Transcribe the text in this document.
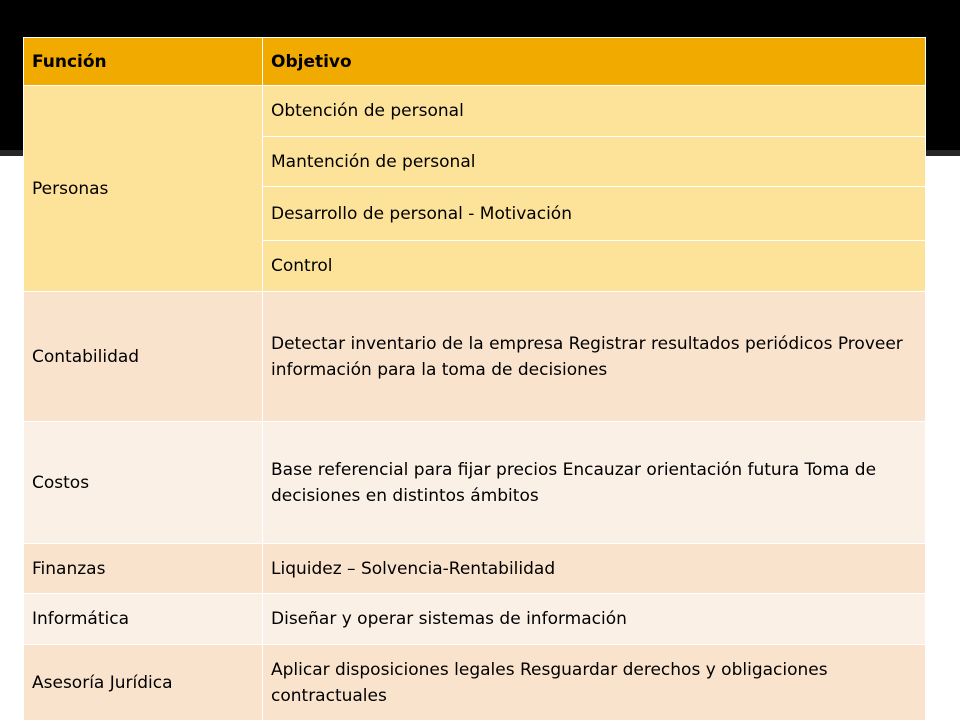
Función	Objetivo
Personas	Obtención de personal
	Mantención de personal
	Desarrollo de personal - Motivación
	Control
Contabilidad	Detectar inventario de la empresa Registrar resultados periódicos Proveer información para la toma de decisiones
Costos	Base referencial para fijar precios Encauzar orientación futura Toma de decisiones en distintos ámbitos
Finanzas	Liquidez – Solvencia-Rentabilidad
Informática	Diseñar y operar sistemas de información
Asesoría Jurídica	Aplicar disposiciones legales Resguardar derechos y obligaciones contractuales
